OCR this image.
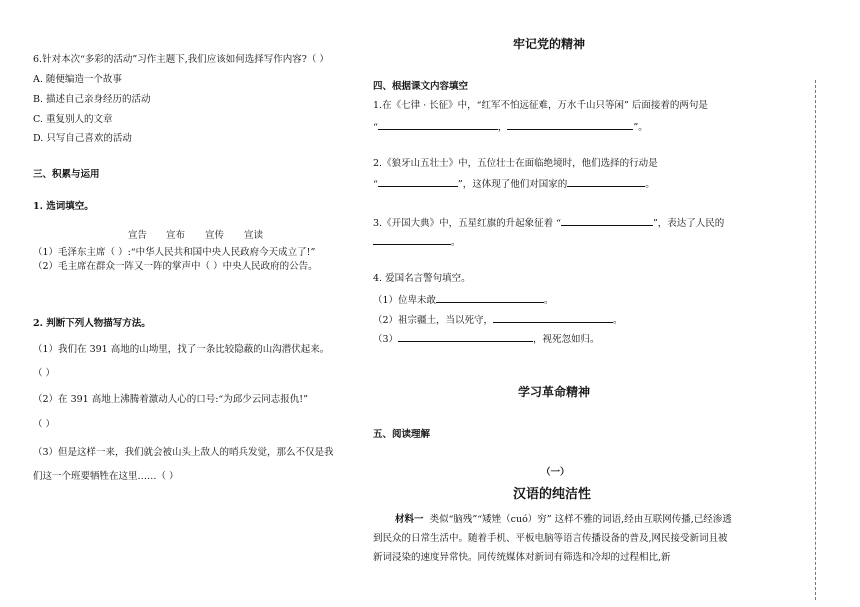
6.针对本次“多彩的活动”习作主题下,我们应该如何选择写作内容?（ ）
A. 随便编造一个故事
B. 描述自己亲身经历的活动
C. 重复别人的文章
D. 只写自己喜欢的活动
三、积累与运用
1. 选词填空。
宣告 宣布 宣传 宣读
（1）毛泽东主席（ ）:“中华人民共和国中央人民政府今天成立了!”
（2）毛主席在群众一阵又一阵的掌声中（ ）中央人民政府的公告。
2. 判断下列人物描写方法。
（1）我们在 391 高地的山坳里，找了一条比较隐蔽的山沟潜伏起来。
（ ）
（2）在 391 高地上沸腾着激动人心的口号:“为邱少云同志报仇!”
（ ）
（3）但是这样一来，我们就会被山头上敌人的哨兵发觉，那么不仅是我
们这一个班要牺牲在这里……（ ）
牢记党的精神
四、根据课文内容填空
1.在《七律 · 长征》中，“红军不怕远征难，万水千山只等闲” 后面接着的两句是
“	，	”。
2.《狼牙山五壮士》中，五位壮士在面临绝境时，他们选择的行动是
“	”，这体现了他们对国家的	。
3.《开国大典》中，五星红旗的升起象征着 “	”，表达了人民的
。
4. 爱国名言警句填空。
（1）位卑未敢	。
（2）祖宗疆土，当以死守，	。
（3）	，视死忽如归。
学习革命精神
五、阅读理解
（一）
汉语的纯洁性
材料一 类似“脑残”“矮矬（cuó）穷” 这样不雅的词语,经由互联网传播,已经渗透到民众的日常生活中。随着手机、平板电脑等语言传播设备的普及,网民接受新词且被新词浸染的速度异常快。同传统媒体对新词有筛选和冷却的过程相比,新
